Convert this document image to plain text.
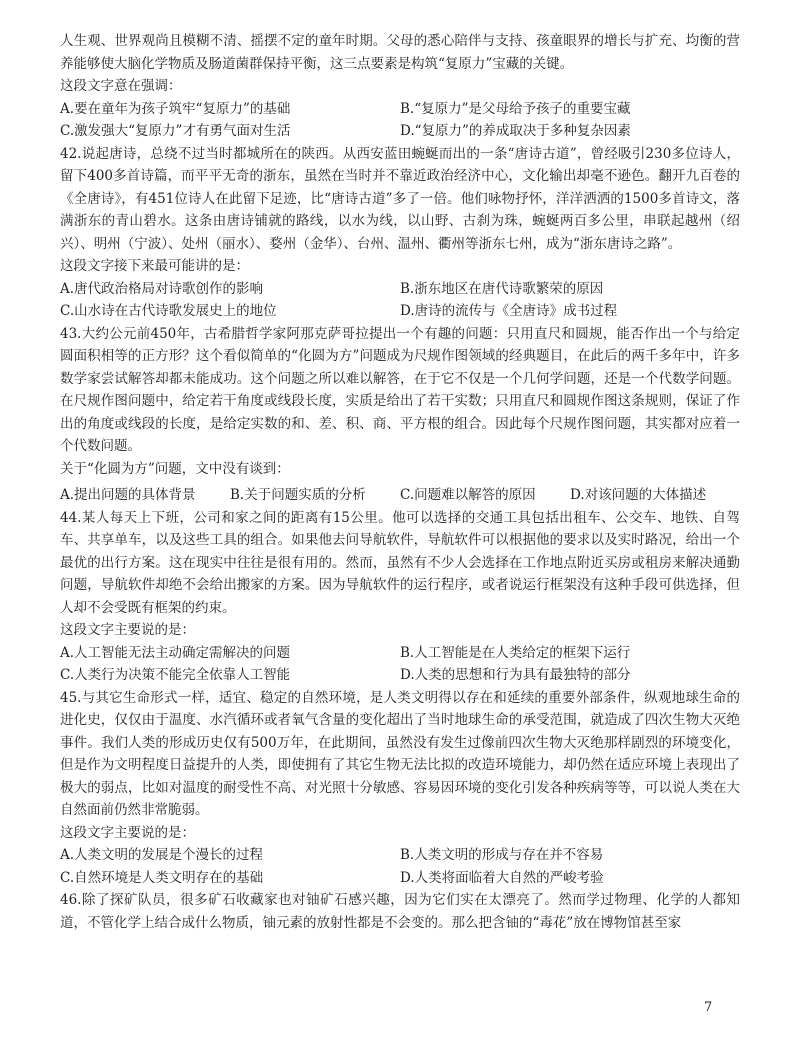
人生观、世界观尚且模糊不清、摇摆不定的童年时期。父母的悉心陪伴与支持、孩童眼界的增长与扩充、均衡的营养能够使大脑化学物质及肠道菌群保持平衡，这三点要素是构筑“复原力”宝藏的关键。

这段文字意在强调：

A.要在童年为孩子筑牢“复原力”的基础	B.“复原力”是父母给予孩子的重要宝藏
C.激发强大“复原力”才有勇气面对生活	D.“复原力”的养成取决于多种复杂因素

42.说起唐诗，总绕不过当时都城所在的陕西。从西安蓝田蜿蜒而出的一条“唐诗古道”，曾经吸引230多位诗人，留下400多首诗篇，而平平无奇的浙东，虽然在当时并不靠近政治经济中心，文化输出却毫不逊色。翻开九百卷的《全唐诗》，有451位诗人在此留下足迹，比“唐诗古道”多了一倍。他们咏物抒怀，洋洋洒洒的1500多首诗文，落满浙东的青山碧水。这条由唐诗铺就的路线，以水为线，以山野、古刹为珠，蜿蜒两百多公里，串联起越州（绍兴）、明州（宁波）、处州（丽水）、婺州（金华）、台州、温州、衢州等浙东七州，成为“浙东唐诗之路”。

这段文字接下来最可能讲的是：

A.唐代政治格局对诗歌创作的影响	B.浙东地区在唐代诗歌繁荣的原因
C.山水诗在古代诗歌发展史上的地位	D.唐诗的流传与《全唐诗》成书过程

43.大约公元前450年，古希腊哲学家阿那克萨哥拉提出一个有趣的问题：只用直尺和圆规，能否作出一个与给定圆面积相等的正方形？这个看似简单的“化圆为方”问题成为尺规作图领域的经典题目，在此后的两千多年中，许多数学家尝试解答却都未能成功。这个问题之所以难以解答，在于它不仅是一个几何学问题，还是一个代数学问题。在尺规作图问题中，给定若干角度或线段长度，实质是给出了若干实数；只用直尺和圆规作图这条规则，保证了作出的角度或线段的长度，是给定实数的和、差、积、商、平方根的组合。因此每个尺规作图问题，其实都对应着一个代数问题。

关于“化圆为方”问题，文中没有谈到：

A.提出问题的具体背景	B.关于问题实质的分析	C.问题难以解答的原因	D.对该问题的大体描述

44.某人每天上下班，公司和家之间的距离有15公里。他可以选择的交通工具包括出租车、公交车、地铁、自驾车、共享单车，以及这些工具的组合。如果他去问导航软件，导航软件可以根据他的要求以及实时路况，给出一个最优的出行方案。这在现实中往往是很有用的。然而，虽然有不少人会选择在工作地点附近买房或租房来解决通勤问题，导航软件却绝不会给出搬家的方案。因为导航软件的运行程序，或者说运行框架没有这种手段可供选择，但人却不会受既有框架的约束。

这段文字主要说的是：

A.人工智能无法主动确定需解决的问题	B.人工智能是在人类给定的框架下运行
C.人类行为决策不能完全依靠人工智能	D.人类的思想和行为具有最独特的部分

45.与其它生命形式一样，适宜、稳定的自然环境，是人类文明得以存在和延续的重要外部条件，纵观地球生命的进化史，仅仅由于温度、水汽循环或者氧气含量的变化超出了当时地球生命的承受范围，就造成了四次生物大灭绝事件。我们人类的形成历史仅有500万年，在此期间，虽然没有发生过像前四次生物大灭绝那样剧烈的环境变化，但是作为文明程度日益提升的人类，即使拥有了其它生物无法比拟的改造环境能力，却仍然在适应环境上表现出了极大的弱点，比如对温度的耐受性不高、对光照十分敏感、容易因环境的变化引发各种疾病等等，可以说人类在大自然面前仍然非常脆弱。

这段文字主要说的是：

A.人类文明的发展是个漫长的过程	B.人类文明的形成与存在并不容易
C.自然环境是人类文明存在的基础	D.人类将面临着大自然的严峻考验

46.除了探矿队员，很多矿石收藏家也对铀矿石感兴趣，因为它们实在太漂亮了。然而学过物理、化学的人都知道，不管化学上结合成什么物质，铀元素的放射性都是不会变的。那么把含铀的“毒花”放在博物馆甚至家

7
